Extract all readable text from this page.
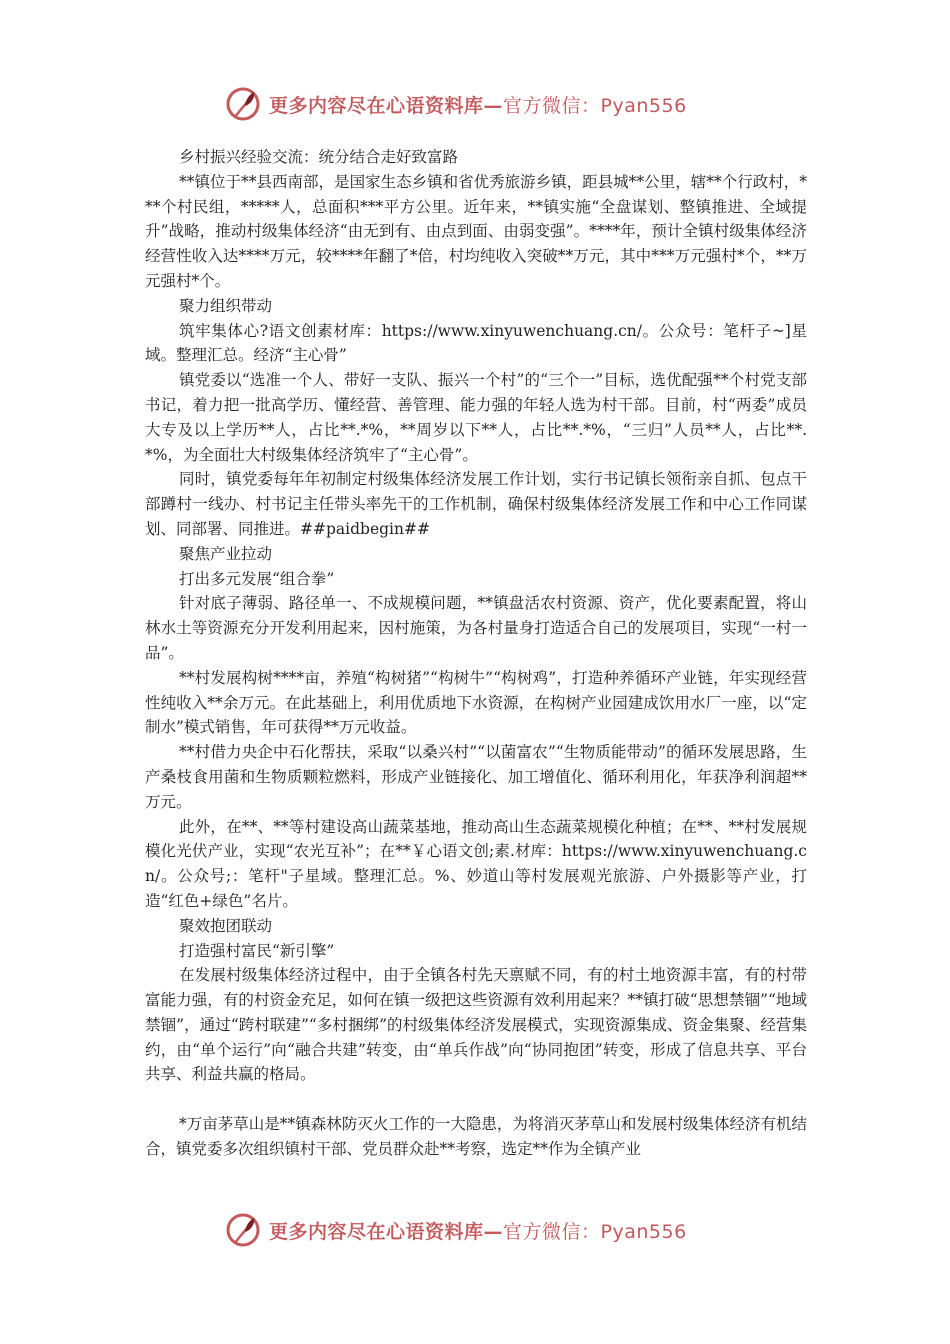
更多内容尽在心语资料库—官方微信：Pyan556
乡村振兴经验交流：统分结合走好致富路

**镇位于**县西南部，是国家生态乡镇和省优秀旅游乡镇，距县城**公里，辖**个行政村，***个村民组，*****人，总面积***平方公里。近年来，**镇实施“全盘谋划、整镇推进、全域提升”战略，推动村级集体经济“由无到有、由点到面、由弱变强”。****年，预计全镇村级集体经济经营性收入达****万元，较****年翻了*倍，村均纯收入突破**万元，其中***万元强村*个，**万元强村*个。

聚力组织带动

筑牢集体心?语文创素材库：https://www.xinyuwenchuang.cn/。公众号：笔杆子~]星域。整理汇总。经济“主心骨”

镇党委以“选准一个人、带好一支队、振兴一个村”的“三个一”目标，选优配强**个村党支部书记，着力把一批高学历、懂经营、善管理、能力强的年轻人选为村干部。目前，村“两委”成员大专及以上学历**人，占比**.*%，**周岁以下**人，占比**.*%，“三归”人员**人，占比**.*%，为全面壮大村级集体经济筑牢了“主心骨”。

同时，镇党委每年年初制定村级集体经济发展工作计划，实行书记镇长领衔亲自抓、包点干部蹲村一线办、村书记主任带头率先干的工作机制，确保村级集体经济发展工作和中心工作同谋划、同部署、同推进。##paidbegin##

聚焦产业拉动

打出多元发展“组合拳”

针对底子薄弱、路径单一、不成规模问题，**镇盘活农村资源、资产，优化要素配置，将山林水土等资源充分开发利用起来，因村施策，为各村量身打造适合自己的发展项目，实现“一村一品”。

**村发展构树****亩，养殖“构树猪”“构树牛”“构树鸡”，打造种养循环产业链，年实现经营性纯收入**余万元。在此基础上，利用优质地下水资源，在构树产业园建成饮用水厂一座，以“定制水”模式销售，年可获得**万元收益。

**村借力央企中石化帮扶，采取“以桑兴村”“以菌富农”“生物质能带动”的循环发展思路，生产桑枝食用菌和生物质颗粒燃料，形成产业链接化、加工增值化、循环利用化，年获净利润超**万元。

此外，在**、**等村建设高山蔬菜基地，推动高山生态蔬菜规模化种植；在**、**村发展规模化光伏产业，实现“农光互补”；在**￥心语文创;素.材库：https://www.xinyuwenchuang.cn/。公众号;：笔杆"子星域。整理汇总。%、妙道山等村发展观光旅游、户外摄影等产业，打造“红色+绿色”名片。

聚效抱团联动

打造强村富民“新引擎”

在发展村级集体经济过程中，由于全镇各村先天禀赋不同，有的村土地资源丰富，有的村带富能力强，有的村资金充足，如何在镇一级把这些资源有效利用起来？**镇打破“思想禁锢”“地域禁锢”，通过“跨村联建”“多村捆绑”的村级集体经济发展模式，实现资源集成、资金集聚、经营集约，由“单个运行”向“融合共建”转变，由“单兵作战”向“协同抱团”转变，形成了信息共享、平台共享、利益共赢的格局。

*万亩茅草山是**镇森林防灭火工作的一大隐患，为将消灭茅草山和发展村级集体经济有机结合，镇党委多次组织镇村干部、党员群众赴**考察，选定**作为全镇产业

更多内容尽在心语资料库—官方微信：Pyan556
